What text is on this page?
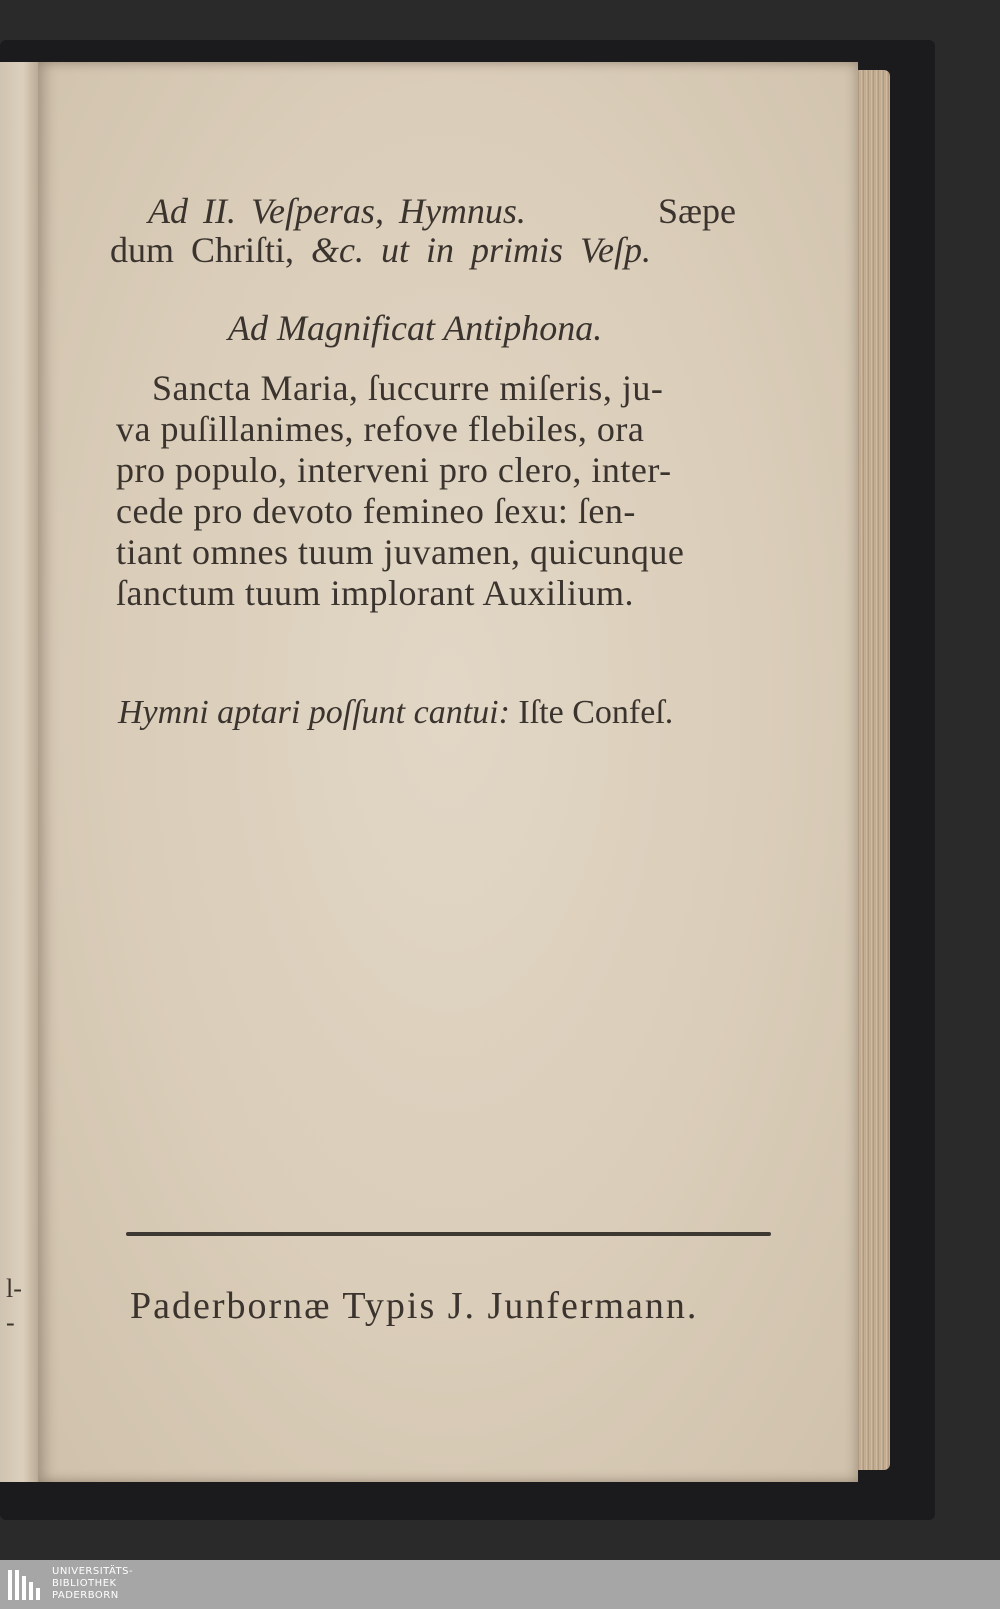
l-
-
Ad II. Veſperas, Hymnus.	Sæpe
dum Chriſti, &c. ut in primis Veſp.
Ad Magnificat Antiphona.
Sancta Maria, ſuccurre miſeris, ju-
va puſillanimes, refove flebiles, ora
pro populo, interveni pro clero, inter-
cede pro devoto femineo ſexu: ſen-
tiant omnes tuum juvamen, quicunque
ſanctum tuum implorant Auxilium.
Hymni aptari poſſunt cantui: Iſte Confeſ.
Paderbornæ Typis J. Junfermann.
UNIVERSITÄTS-
BIBLIOTHEK
PADERBORN
